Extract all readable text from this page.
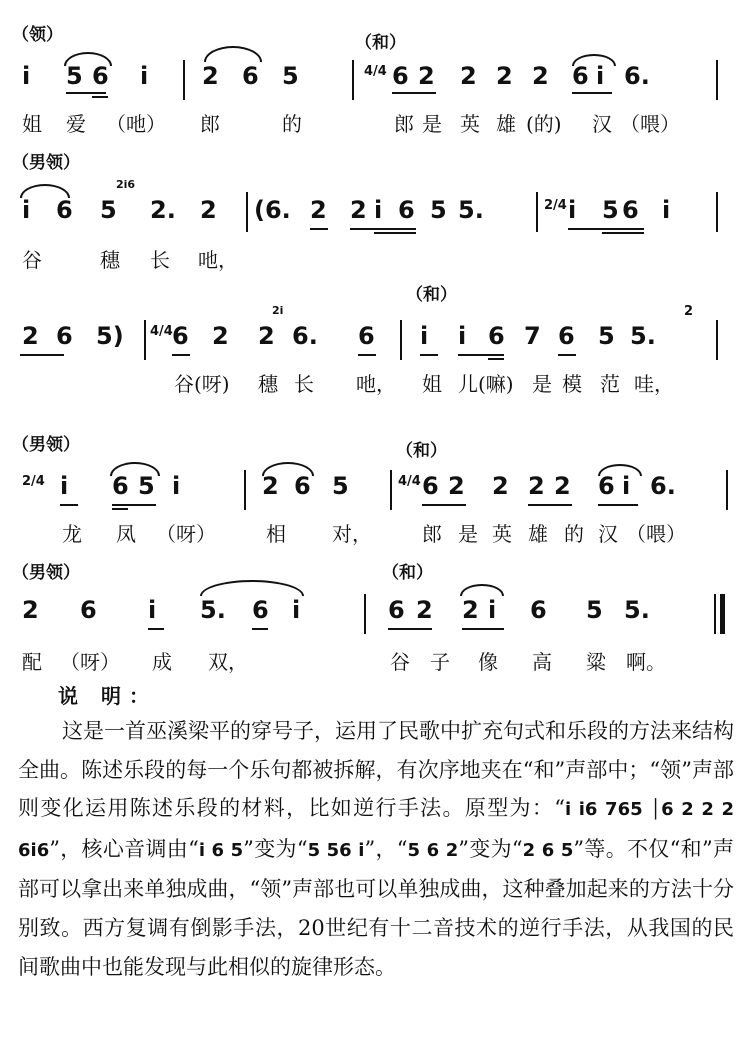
（领）	（和）
i 5 6 i 2 6 5	4/4 6 2 2 2 2 6 i 6.
姐 爱 （吔） 郎	的	郎 是 英 雄 (的) 汉 （喂）
（男领）
i 6 5
2i6
2. 2 (6. 2 2 i 6 5 5.	2/4 i 5 6 i
谷	穗 长 吔，
（和）
2 6 5) 4/4 6 2 2
2i
6. 6 i i 6 7 6 5 5.
2
谷(呀) 穗 长 吔， 姐 儿(嘛) 是 模 范 哇，
（男领）	（和）
2/4 i 6 5 i	2 6 5	4/4 6 2 2 2 2 6 i 6.
龙 凤 （呀）	相 对，	郎 是 英 雄 的 汉 （喂）
（男领）	（和）
2 6 i 5. 6 i	6 2 2 i 6 5 5.
配 （呀） 成 双，	谷 子 像 高 粱 啊。
说 明：
这是一首巫溪梁平的穿号子，运用了民歌中扩充句式和乐段的方法来结构全曲。陈述乐段的每一个乐句都被拆解，有次序地夹在“和”声部中；“领”声部则变化运用陈述乐段的材料，比如逆行手法。原型为：“i i6 765 │6 2 2 2 6i6”，核心音调由“i 6 5”变为“5 56 i”，“5 6 2”变为“2 6 5”等。不仅“和”声部可以拿出来单独成曲，“领”声部也可以单独成曲，这种叠加起来的方法十分别致。西方复调有倒影手法，20世纪有十二音技术的逆行手法，从我国的民间歌曲中也能发现与此相似的旋律形态。
